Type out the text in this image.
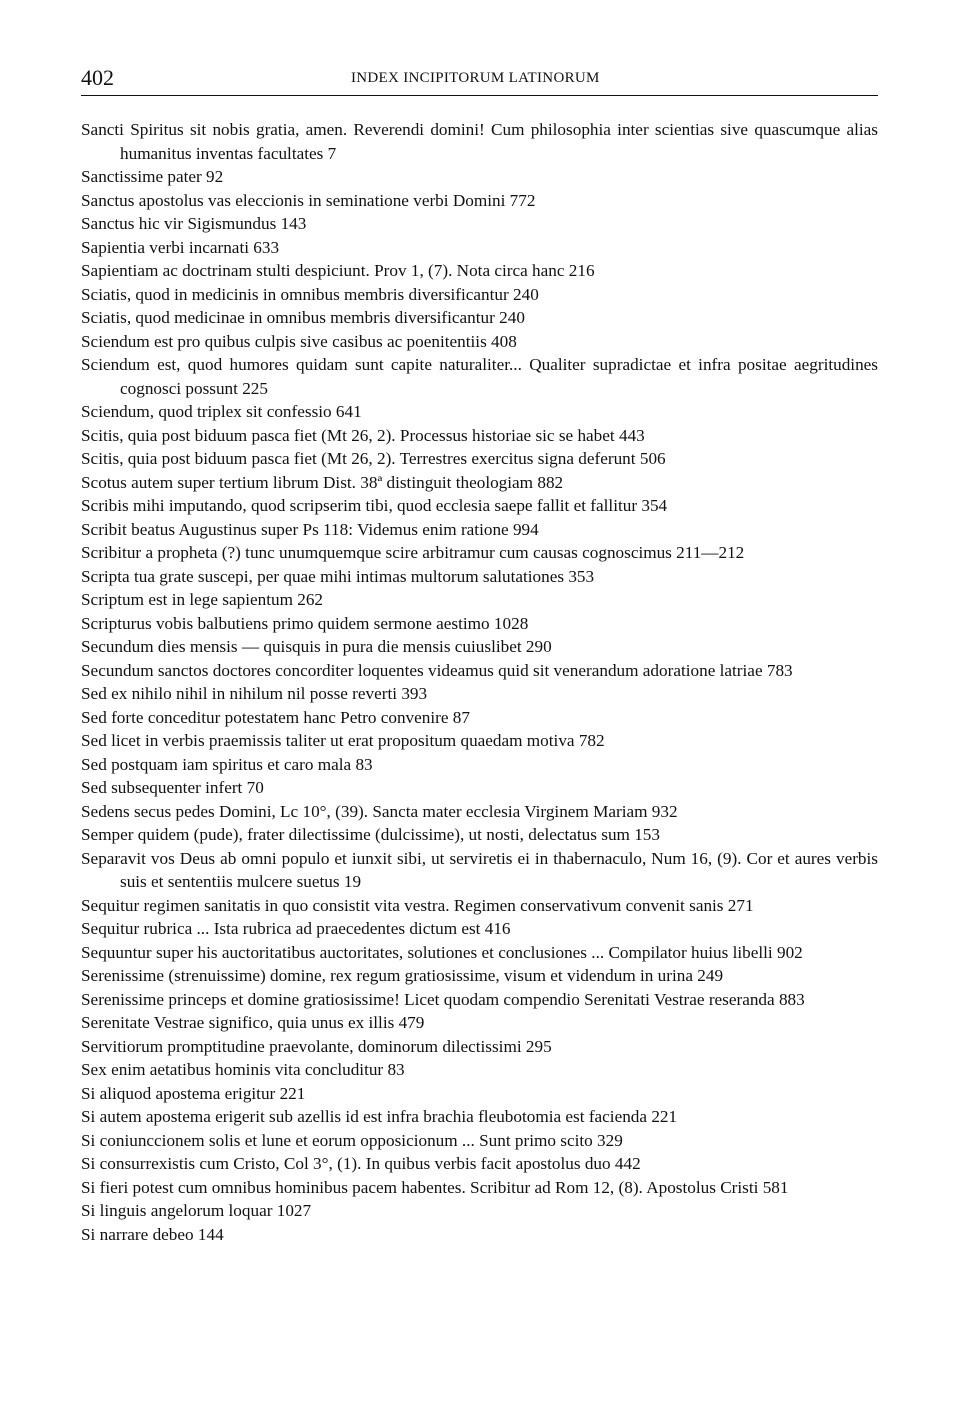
402	INDEX INCIPITORUM LATINORUM
Sancti Spiritus sit nobis gratia, amen. Reverendi domini! Cum philosophia inter scientias sive quascumque alias humanitus inventas facultates 7
Sanctissime pater 92
Sanctus apostolus vas eleccionis in seminatione verbi Domini 772
Sanctus hic vir Sigismundus 143
Sapientia verbi incarnati 633
Sapientiam ac doctrinam stulti despiciunt. Prov 1, (7). Nota circa hanc 216
Sciatis, quod in medicinis in omnibus membris diversificantur 240
Sciatis, quod medicinae in omnibus membris diversificantur 240
Sciendum est pro quibus culpis sive casibus ac poenitentiis 408
Sciendum est, quod humores quidam sunt capite naturaliter... Qualiter supradictae et infra positae aegritudines cognosci possunt 225
Sciendum, quod triplex sit confessio 641
Scitis, quia post biduum pasca fiet (Mt 26, 2). Processus historiae sic se habet 443
Scitis, quia post biduum pasca fiet (Mt 26, 2). Terrestres exercitus signa deferunt 506
Scotus autem super tertium librum Dist. 38ª distinguit theologiam 882
Scribis mihi imputando, quod scripserim tibi, quod ecclesia saepe fallit et fallitur 354
Scribit beatus Augustinus super Ps 118: Videmus enim ratione 994
Scribitur a propheta (?) tunc unumquemque scire arbitramur cum causas cognoscimus 211—212
Scripta tua grate suscepi, per quae mihi intimas multorum salutationes 353
Scriptum est in lege sapientum 262
Scripturus vobis balbutiens primo quidem sermone aestimo 1028
Secundum dies mensis — quisquis in pura die mensis cuiuslibet 290
Secundum sanctos doctores concorditer loquentes videamus quid sit venerandum adoratione latriae 783
Sed ex nihilo nihil in nihilum nil posse reverti 393
Sed forte conceditur potestatem hanc Petro convenire 87
Sed licet in verbis praemissis taliter ut erat propositum quaedam motiva 782
Sed postquam iam spiritus et caro mala 83
Sed subsequenter infert 70
Sedens secus pedes Domini, Lc 10°, (39). Sancta mater ecclesia Virginem Mariam 932
Semper quidem (pude), frater dilectissime (dulcissime), ut nosti, delectatus sum 153
Separavit vos Deus ab omni populo et iunxit sibi, ut serviretis ei in thabernaculo, Num 16, (9). Cor et aures verbis suis et sententiis mulcere suetus 19
Sequitur regimen sanitatis in quo consistit vita vestra. Regimen conservativum convenit sanis 271
Sequitur rubrica ... Ista rubrica ad praecedentes dictum est 416
Sequuntur super his auctoritatibus auctoritates, solutiones et conclusiones ... Compilator huius libelli 902
Serenissime (strenuissime) domine, rex regum gratiosissime, visum et videndum in urina 249
Serenissime princeps et domine gratiosissime! Licet quodam compendio Serenitati Vestrae reseranda 883
Serenitate Vestrae significo, quia unus ex illis 479
Servitiorum promptitudine praevolante, dominorum dilectissimi 295
Sex enim aetatibus hominis vita concluditur 83
Si aliquod apostema erigitur 221
Si autem apostema erigerit sub azellis id est infra brachia fleubotomia est facienda 221
Si coniunccionem solis et lune et eorum opposicionum ... Sunt primo scito 329
Si consurrexistis cum Cristo, Col 3°, (1). In quibus verbis facit apostolus duo 442
Si fieri potest cum omnibus hominibus pacem habentes. Scribitur ad Rom 12, (8). Apostolus Cristi 581
Si linguis angelorum loquar 1027
Si narrare debeo 144
